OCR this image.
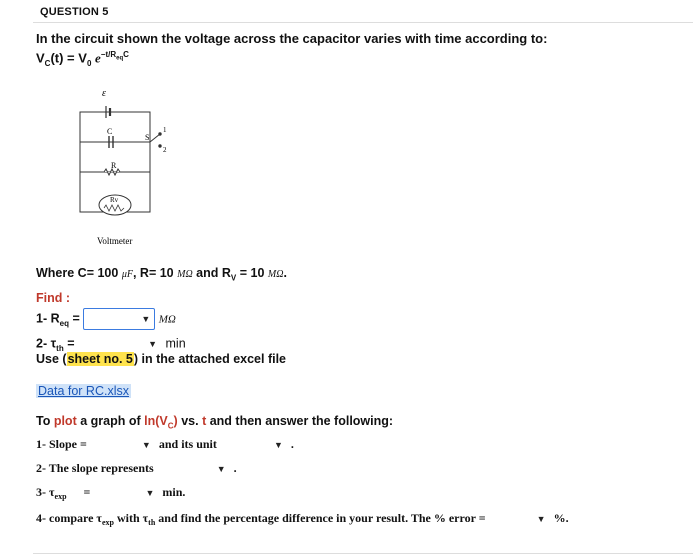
QUESTION 5
In the circuit shown the voltage across the capacitor varies with time according to:
$V_C(t) = V_0$ $e^{-t/R_{eq}C}$
ε
C
S
1
2
R
Rv
Voltmeter
Where C= 100 μF, R= 10 MΩ and $R_V = 10$ MΩ.
Find :
1- $R_{eq}$ =	▼ MΩ
2- $\tau_{th}$ =	▼ min
Use (sheet no. 5) in the attached excel file
Data for RC.xlsx
To plot a graph of $\ln(V_C)$ vs. t and then answer the following:
1- Slope =	▼ and its unit	▼ .
2- The slope represents	▼ .
3- $\tau_{exp}$ =	▼ min.
4- compare $\tau_{exp}$ with $\tau_{th}$ and find the percentage difference in your result. The % error =	▼ %.
